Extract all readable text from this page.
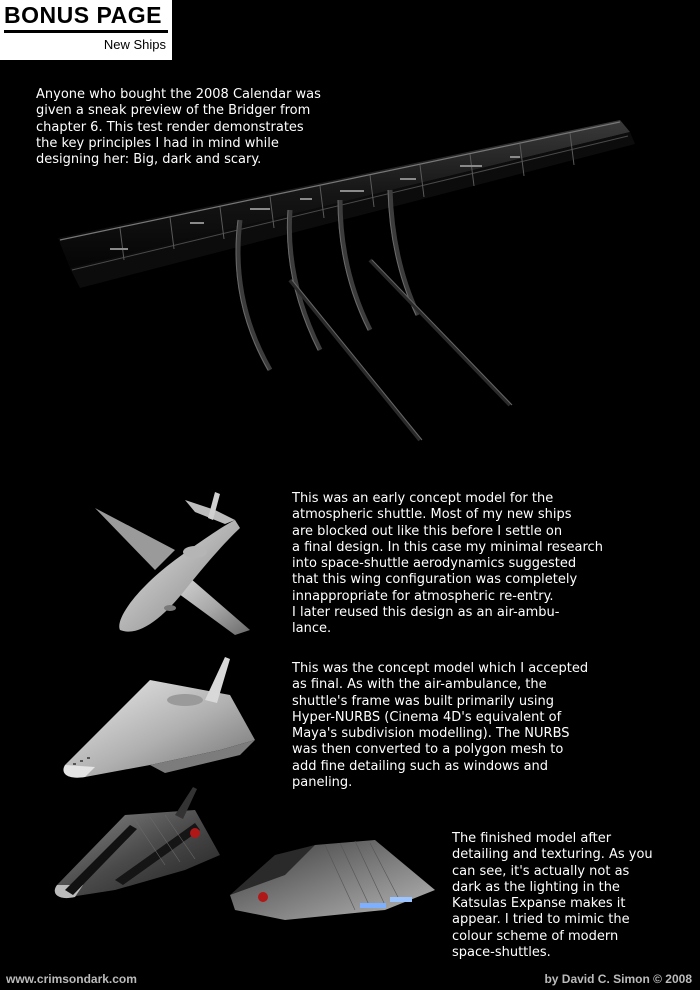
BONUS PAGE
New Ships
Anyone who bought the 2008 Calendar was
given a sneak preview of the Bridger from
chapter 6. This test render demonstrates
the key principles I had in mind while
designing her: Big, dark and scary.
This was an early concept model for the
atmospheric shuttle. Most of my new ships
are blocked out like this before I settle on
a final design. In this case my minimal research
into space-shuttle aerodynamics suggested
that this wing configuration was completely
innappropriate for atmospheric re-entry.
I later reused this design as an air-ambu-
lance.
This was the concept model which I accepted
as final. As with the air-ambulance, the
shuttle's frame was built primarily using
Hyper-NURBS (Cinema 4D's equivalent of
Maya's subdivision modelling). The NURBS
was then converted to a polygon mesh to
add fine detailing such as windows and
paneling.
The finished model after
detailing and texturing. As you
can see, it's actually not as
dark as the lighting in the
Katsulas Expanse makes it
appear. I tried to mimic the
colour scheme of modern
space-shuttles.
www.crimsondark.com	by David C. Simon © 2008
